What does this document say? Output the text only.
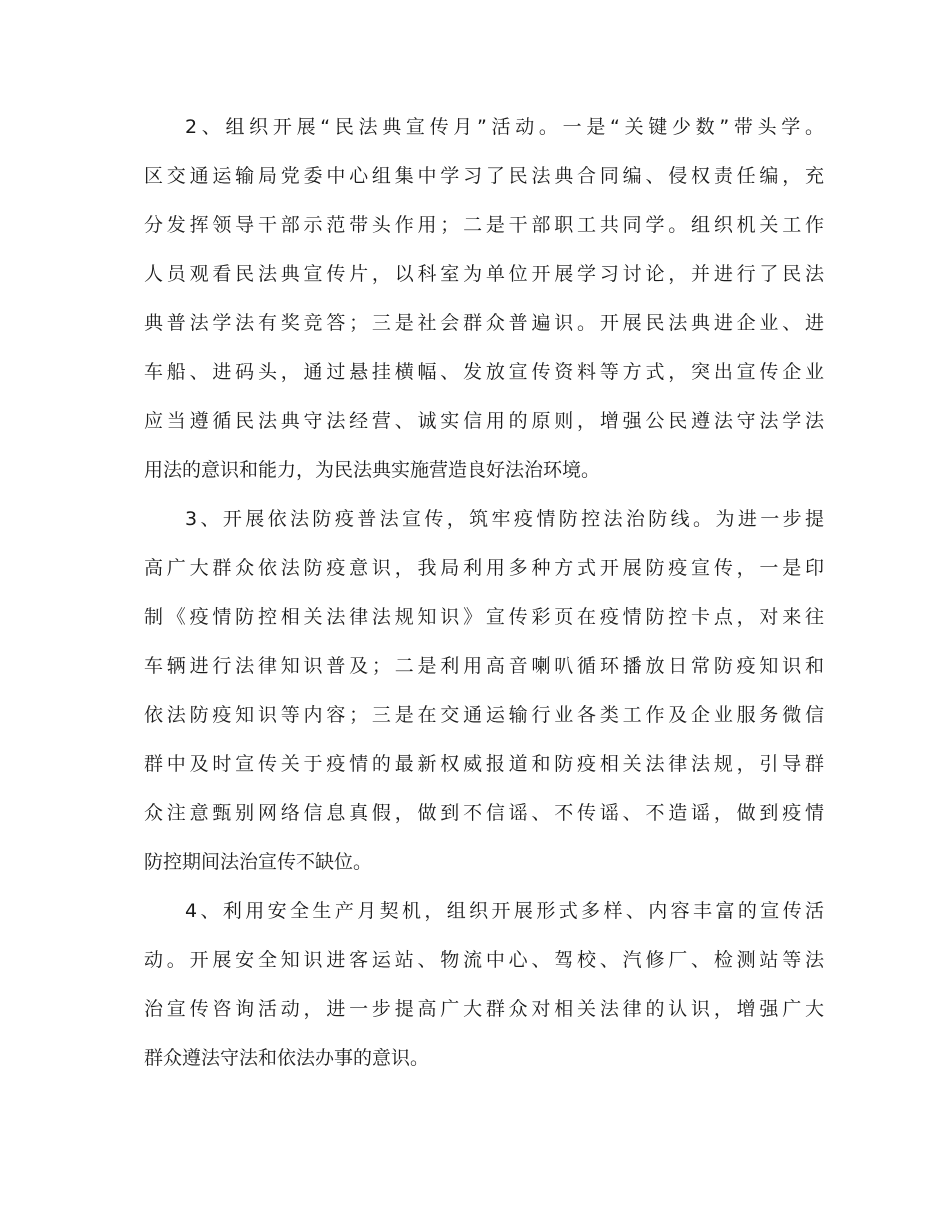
2、组织开展“民法典宣传月”活动。一是“关键少数”带头学。
区交通运输局党委中心组集中学习了民法典合同编、侵权责任编，充
分发挥领导干部示范带头作用；二是干部职工共同学。组织机关工作
人员观看民法典宣传片，以科室为单位开展学习讨论，并进行了民法
典普法学法有奖竞答；三是社会群众普遍识。开展民法典进企业、进
车船、进码头，通过悬挂横幅、发放宣传资料等方式，突出宣传企业
应当遵循民法典守法经营、诚实信用的原则，增强公民遵法守法学法
用法的意识和能力，为民法典实施营造良好法治环境。
3、开展依法防疫普法宣传，筑牢疫情防控法治防线。为进一步提
高广大群众依法防疫意识，我局利用多种方式开展防疫宣传，一是印
制《疫情防控相关法律法规知识》宣传彩页在疫情防控卡点，对来往
车辆进行法律知识普及；二是利用高音喇叭循环播放日常防疫知识和
依法防疫知识等内容；三是在交通运输行业各类工作及企业服务微信
群中及时宣传关于疫情的最新权威报道和防疫相关法律法规，引导群
众注意甄别网络信息真假，做到不信谣、不传谣、不造谣，做到疫情
防控期间法治宣传不缺位。
4、利用安全生产月契机，组织开展形式多样、内容丰富的宣传活
动。开展安全知识进客运站、物流中心、驾校、汽修厂、检测站等法
治宣传咨询活动，进一步提高广大群众对相关法律的认识，增强广大
群众遵法守法和依法办事的意识。
